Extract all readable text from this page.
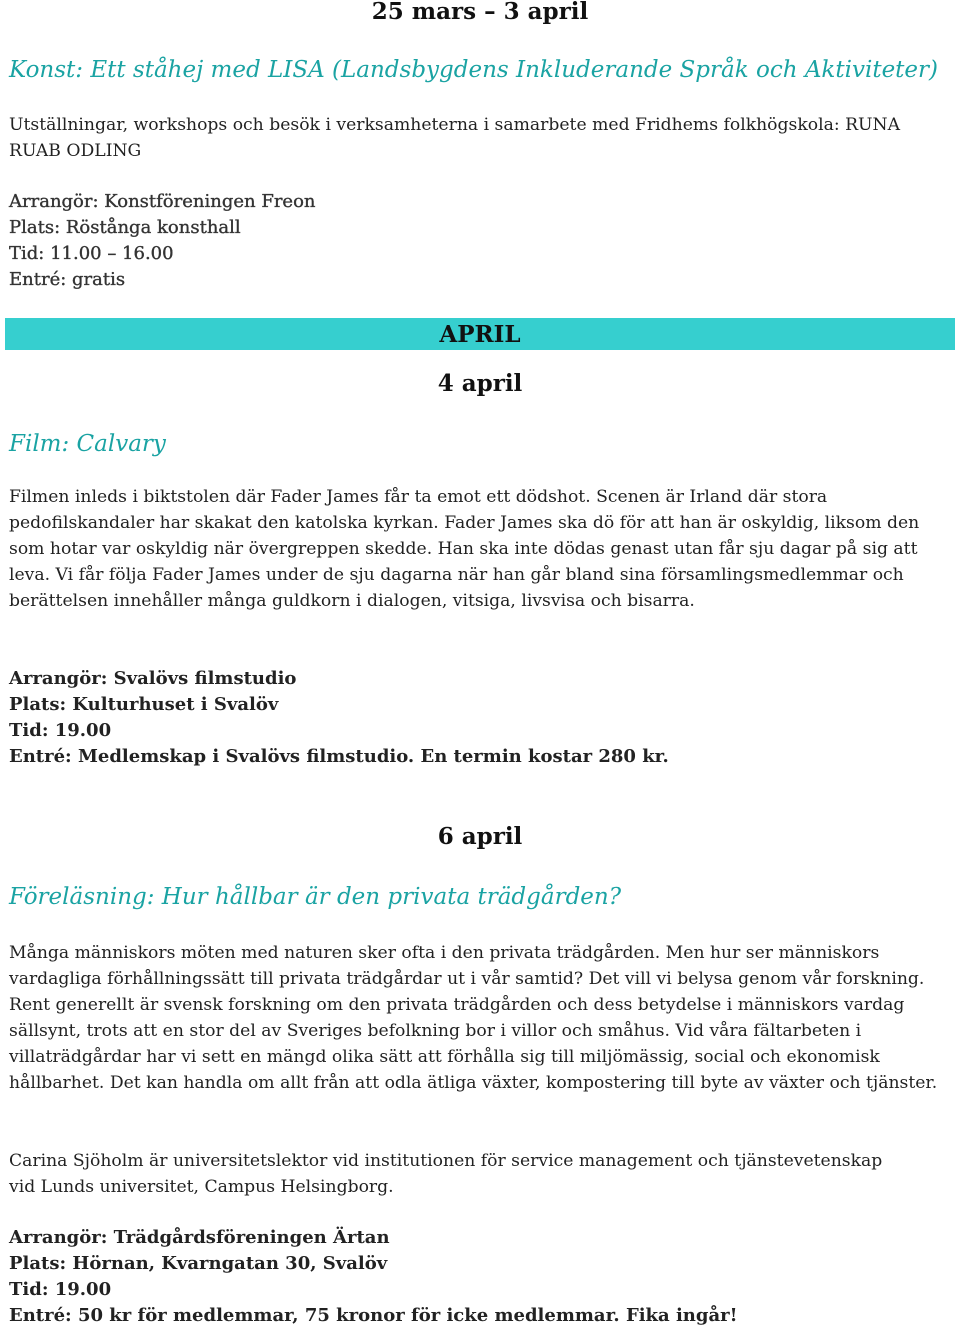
25 mars – 3 april
Konst: Ett ståhej med LISA (Landsbygdens Inkluderande Språk och Aktiviteter)

Utställningar, workshops och besök i verksamheterna i samarbete med Fridhems folkhögskola: RUNA RUAB ODLING

Arrangör: Konstföreningen Freon
Plats: Röstånga konsthall
Tid: 11.00 – 16.00
Entré: gratis
APRIL
4 april
Film: Calvary

Filmen inleds i biktstolen där Fader James får ta emot ett dödshot. Scenen är Irland där stora pedofilskandaler har skakat den katolska kyrkan. Fader James ska dö för att han är oskyldig, liksom den som hotar var oskyldig när övergreppen skedde. Han ska inte dödas genast utan får sju dagar på sig att leva. Vi får följa Fader James under de sju dagarna när han går bland sina församlingsmedlemmar och berättelsen innehåller många guldkorn i dialogen, vitsiga, livsvisa och bisarra.

Arrangör: Svalövs filmstudio
Plats: Kulturhuset i Svalöv
Tid: 19.00
Entré: Medlemskap i Svalövs filmstudio. En termin kostar 280 kr.
6 april
Föreläsning: Hur hållbar är den privata trädgården?

Många människors möten med naturen sker ofta i den privata trädgården. Men hur ser människors vardagliga förhållningssätt till privata trädgårdar ut i vår samtid? Det vill vi belysa genom vår forskning. Rent generellt är svensk forskning om den privata trädgården och dess betydelse i människors vardag sällsynt, trots att en stor del av Sveriges befolkning bor i villor och småhus. Vid våra fältarbeten i villaträdgårdar har vi sett en mängd olika sätt att förhålla sig till miljömässig, social och ekonomisk hållbarhet. Det kan handla om allt från att odla ätliga växter, kompostering till byte av växter och tjänster.

Carina Sjöholm är universitetslektor vid institutionen för service management och tjänstevetenskap vid Lunds universitet, Campus Helsingborg.

Arrangör: Trädgårdsföreningen Ärtan
Plats: Hörnan, Kvarngatan 30, Svalöv
Tid: 19.00
Entré: 50 kr för medlemmar, 75 kronor för icke medlemmar. Fika ingår!
